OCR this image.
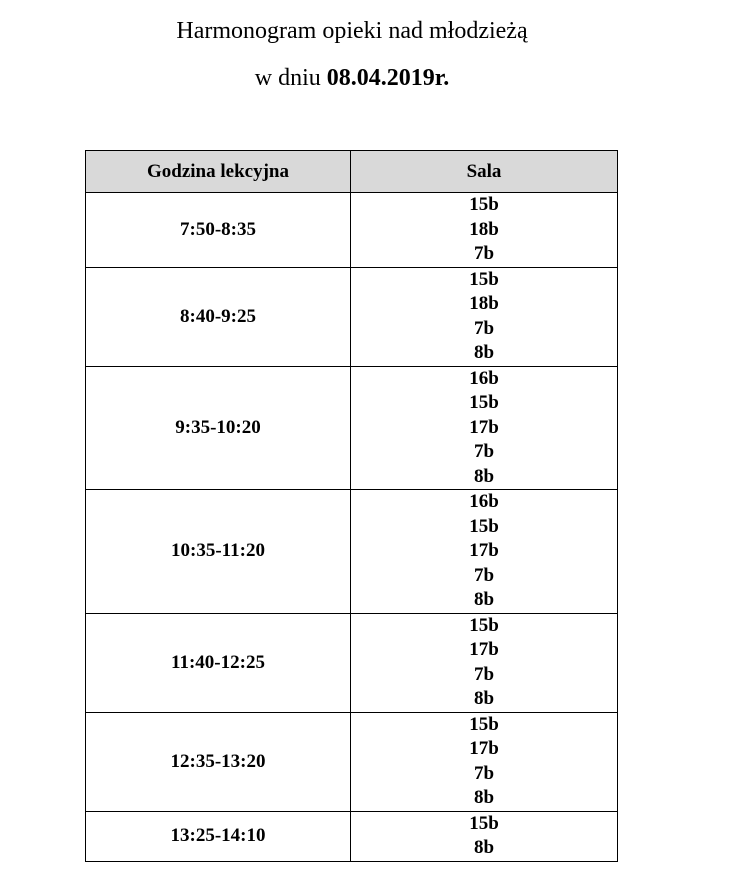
Harmonogram opieki nad młodzieżą
w dniu 08.04.2019r.
Godzina lekcyjna	Sala
7:50-8:35	15b
18b
7b

8:40-9:25	15b
18b
7b
8b

9:35-10:20	16b
15b
17b
7b
8b

10:35-11:20	16b
15b
17b
7b
8b

11:40-12:25	15b
17b
7b
8b

12:35-13:20	15b
17b
7b
8b

13:25-14:10	15b
8b
